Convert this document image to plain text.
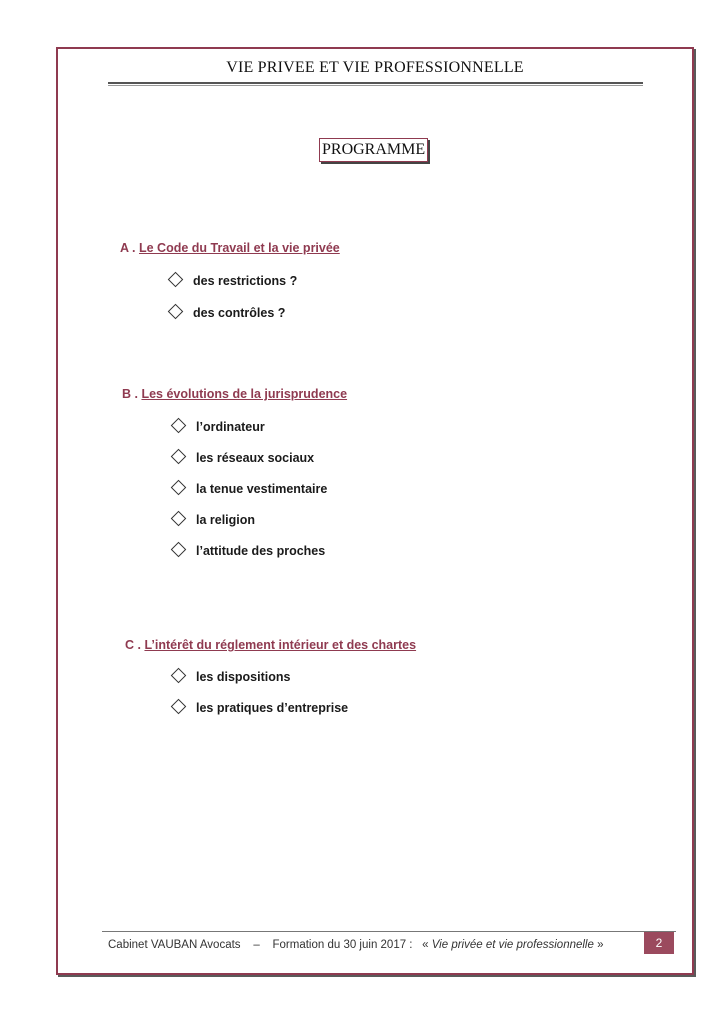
VIE PRIVEE ET VIE PROFESSIONNELLE
PROGRAMME
A . Le Code du Travail et la vie privée
des restrictions ?
des contrôles ?
B . Les évolutions de la jurisprudence
l’ordinateur
les réseaux sociaux
la tenue vestimentaire
la religion
l’attitude des proches
C . L’intérêt du réglement intérieur et des chartes
les dispositions
les pratiques d’entreprise
Cabinet VAUBAN Avocats – Formation du 30 juin 2017 : « Vie privée et vie professionnelle »	2
